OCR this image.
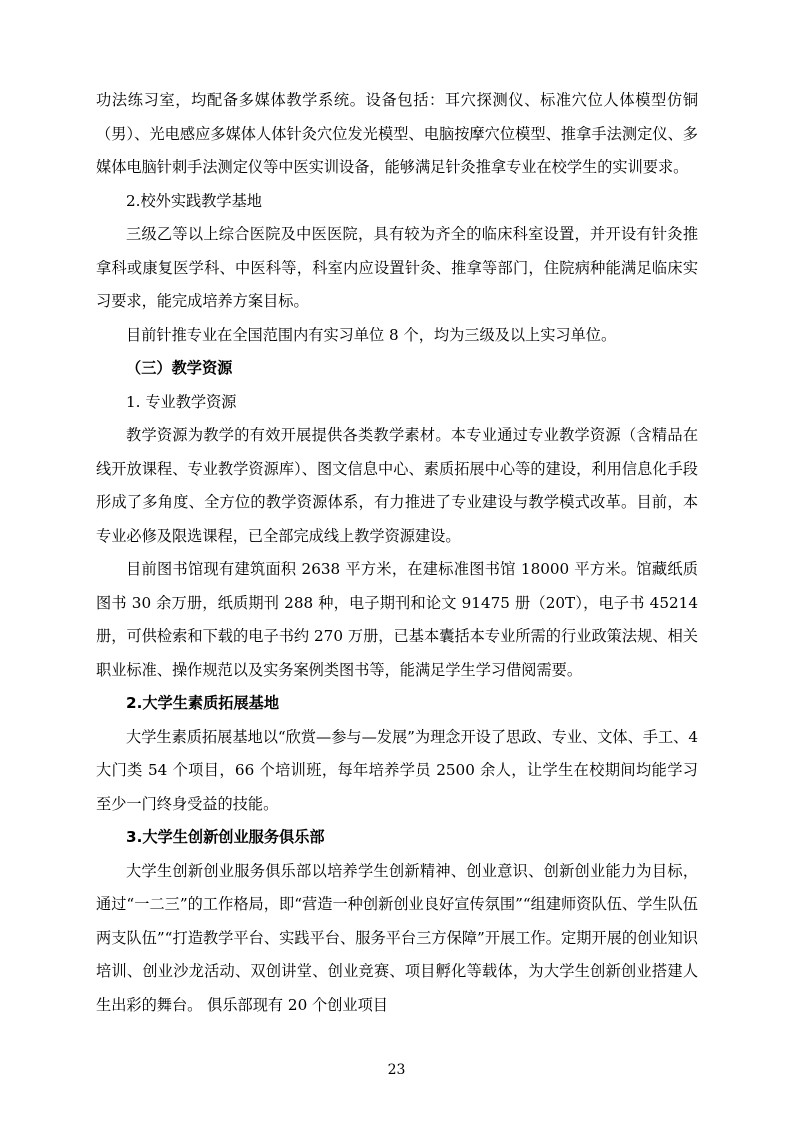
功法练习室，均配备多媒体教学系统。设备包括：耳穴探测仪、标准穴位人体模型仿铜（男）、光电感应多媒体人体针灸穴位发光模型、电脑按摩穴位模型、推拿手法测定仪、多媒体电脑针刺手法测定仪等中医实训设备，能够满足针灸推拿专业在校学生的实训要求。

2.校外实践教学基地

三级乙等以上综合医院及中医医院，具有较为齐全的临床科室设置，并开设有针灸推拿科或康复医学科、中医科等，科室内应设置针灸、推拿等部门，住院病种能满足临床实习要求，能完成培养方案目标。

目前针推专业在全国范围内有实习单位 8 个，均为三级及以上实习单位。

（三）教学资源

1. 专业教学资源

教学资源为教学的有效开展提供各类教学素材。本专业通过专业教学资源（含精品在线开放课程、专业教学资源库）、图文信息中心、素质拓展中心等的建设，利用信息化手段形成了多角度、全方位的教学资源体系，有力推进了专业建设与教学模式改革。目前，本专业必修及限选课程，已全部完成线上教学资源建设。

目前图书馆现有建筑面积 2638 平方米，在建标准图书馆 18000 平方米。馆藏纸质图书 30 余万册，纸质期刊 288 种，电子期刊和论文 91475 册（20T），电子书 45214 册，可供检索和下载的电子书约 270 万册，已基本囊括本专业所需的行业政策法规、相关职业标准、操作规范以及实务案例类图书等，能满足学生学习借阅需要。

2.大学生素质拓展基地

大学生素质拓展基地以“欣赏—参与—发展”为理念开设了思政、专业、文体、手工、4 大门类 54 个项目，66 个培训班，每年培养学员 2500 余人，让学生在校期间均能学习至少一门终身受益的技能。

3.大学生创新创业服务俱乐部

大学生创新创业服务俱乐部以培养学生创新精神、创业意识、创新创业能力为目标，通过“一二三”的工作格局，即“营造一种创新创业良好宣传氛围”“组建师资队伍、学生队伍两支队伍”“打造教学平台、实践平台、服务平台三方保障”开展工作。定期开展的创业知识培训、创业沙龙活动、双创讲堂、创业竞赛、项目孵化等载体，为大学生创新创业搭建人生出彩的舞台。 俱乐部现有 20 个创业项目

23
